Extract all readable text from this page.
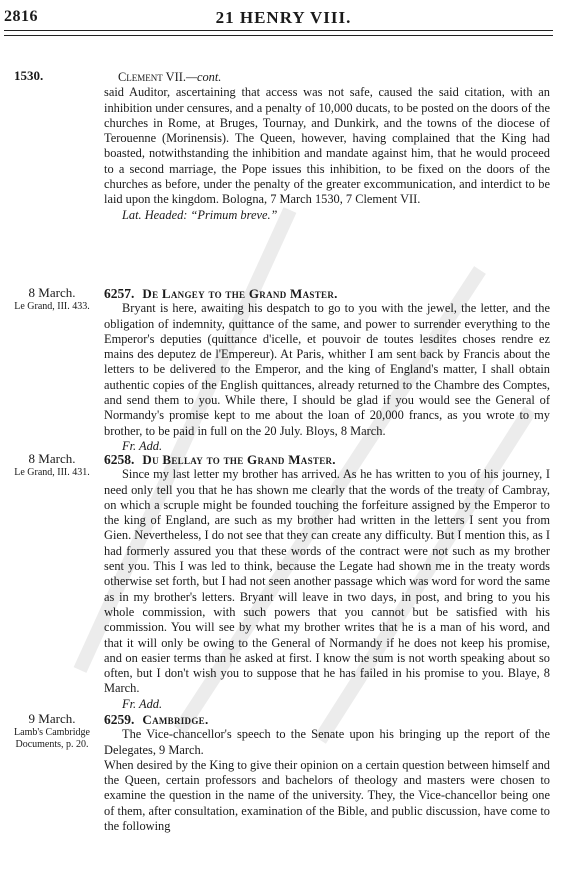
2816	21 HENRY VIII.
1530.	Clement VII.—cont.

said Auditor, ascertaining that access was not safe, caused the said citation, with an inhibition under censures, and a penalty of 10,000 ducats, to be posted on the doors of the churches in Rome, at Bruges, Tournay, and Dunkirk, and the towns of the diocese of Terouenne (Morinensis). The Queen, however, having complained that the King had boasted, notwithstanding the inhibition and mandate against him, that he would proceed to a second marriage, the Pope issues this inhibition, to be fixed on the doors of the churches as before, under the penalty of the greater excommunication, and interdict to be laid upon the kingdom. Bologna, 7 March 1530, 7 Clement VII.

Lat. Headed: “Primum breve.”

8 March.
Le Grand, III. 433.

6257. De Langey to the Grand Master.

Bryant is here, awaiting his despatch to go to you with the jewel, the letter, and the obligation of indemnity, quittance of the same, and power to surrender everything to the Emperor's deputies (quittance d'icelle, et pouvoir de toutes lesdites choses rendre ez mains des deputez de l'Empereur). At Paris, whither I am sent back by Francis about the letters to be delivered to the Emperor, and the king of England's matter, I shall obtain authentic copies of the English quittances, already returned to the Chambre des Comptes, and send them to you. While there, I should be glad if you would see the General of Normandy's promise kept to me about the loan of 20,000 francs, as you wrote to my brother, to be paid in full on the 20 July. Bloys, 8 March.

Fr. Add.

8 March.
Le Grand, III. 431.

6258. Du Bellay to the Grand Master.

Since my last letter my brother has arrived. As he has written to you of his journey, I need only tell you that he has shown me clearly that the words of the treaty of Cambray, on which a scruple might be founded touching the forfeiture assigned by the Emperor to the king of England, are such as my brother had written in the letters I sent you from Gien. Nevertheless, I do not see that they can create any difficulty. But I mention this, as I had formerly assured you that these words of the contract were not such as my brother sent you. This I was led to think, because the Legate had shown me in the treaty words otherwise set forth, but I had not seen another passage which was word for word the same as in my brother's letters. Bryant will leave in two days, in post, and bring to you his whole commission, with such powers that you cannot but be satisfied with his commission. You will see by what my brother writes that he is a man of his word, and that it will only be owing to the General of Normandy if he does not keep his promise, and on easier terms than he asked at first. I know the sum is not worth speaking about so often, but I don't wish you to suppose that he has failed in his promise to you. Blaye, 8 March.

Fr. Add.

9 March.
Lamb's Cambridge Documents, p. 20.

6259. Cambridge.

The Vice-chancellor's speech to the Senate upon his bringing up the report of the Delegates, 9 March.

When desired by the King to give their opinion on a certain question between himself and the Queen, certain professors and bachelors of theology and masters were chosen to examine the question in the name of the university. They, the Vice-chancellor being one of them, after consultation, examination of the Bible, and public discussion, have come to the following
